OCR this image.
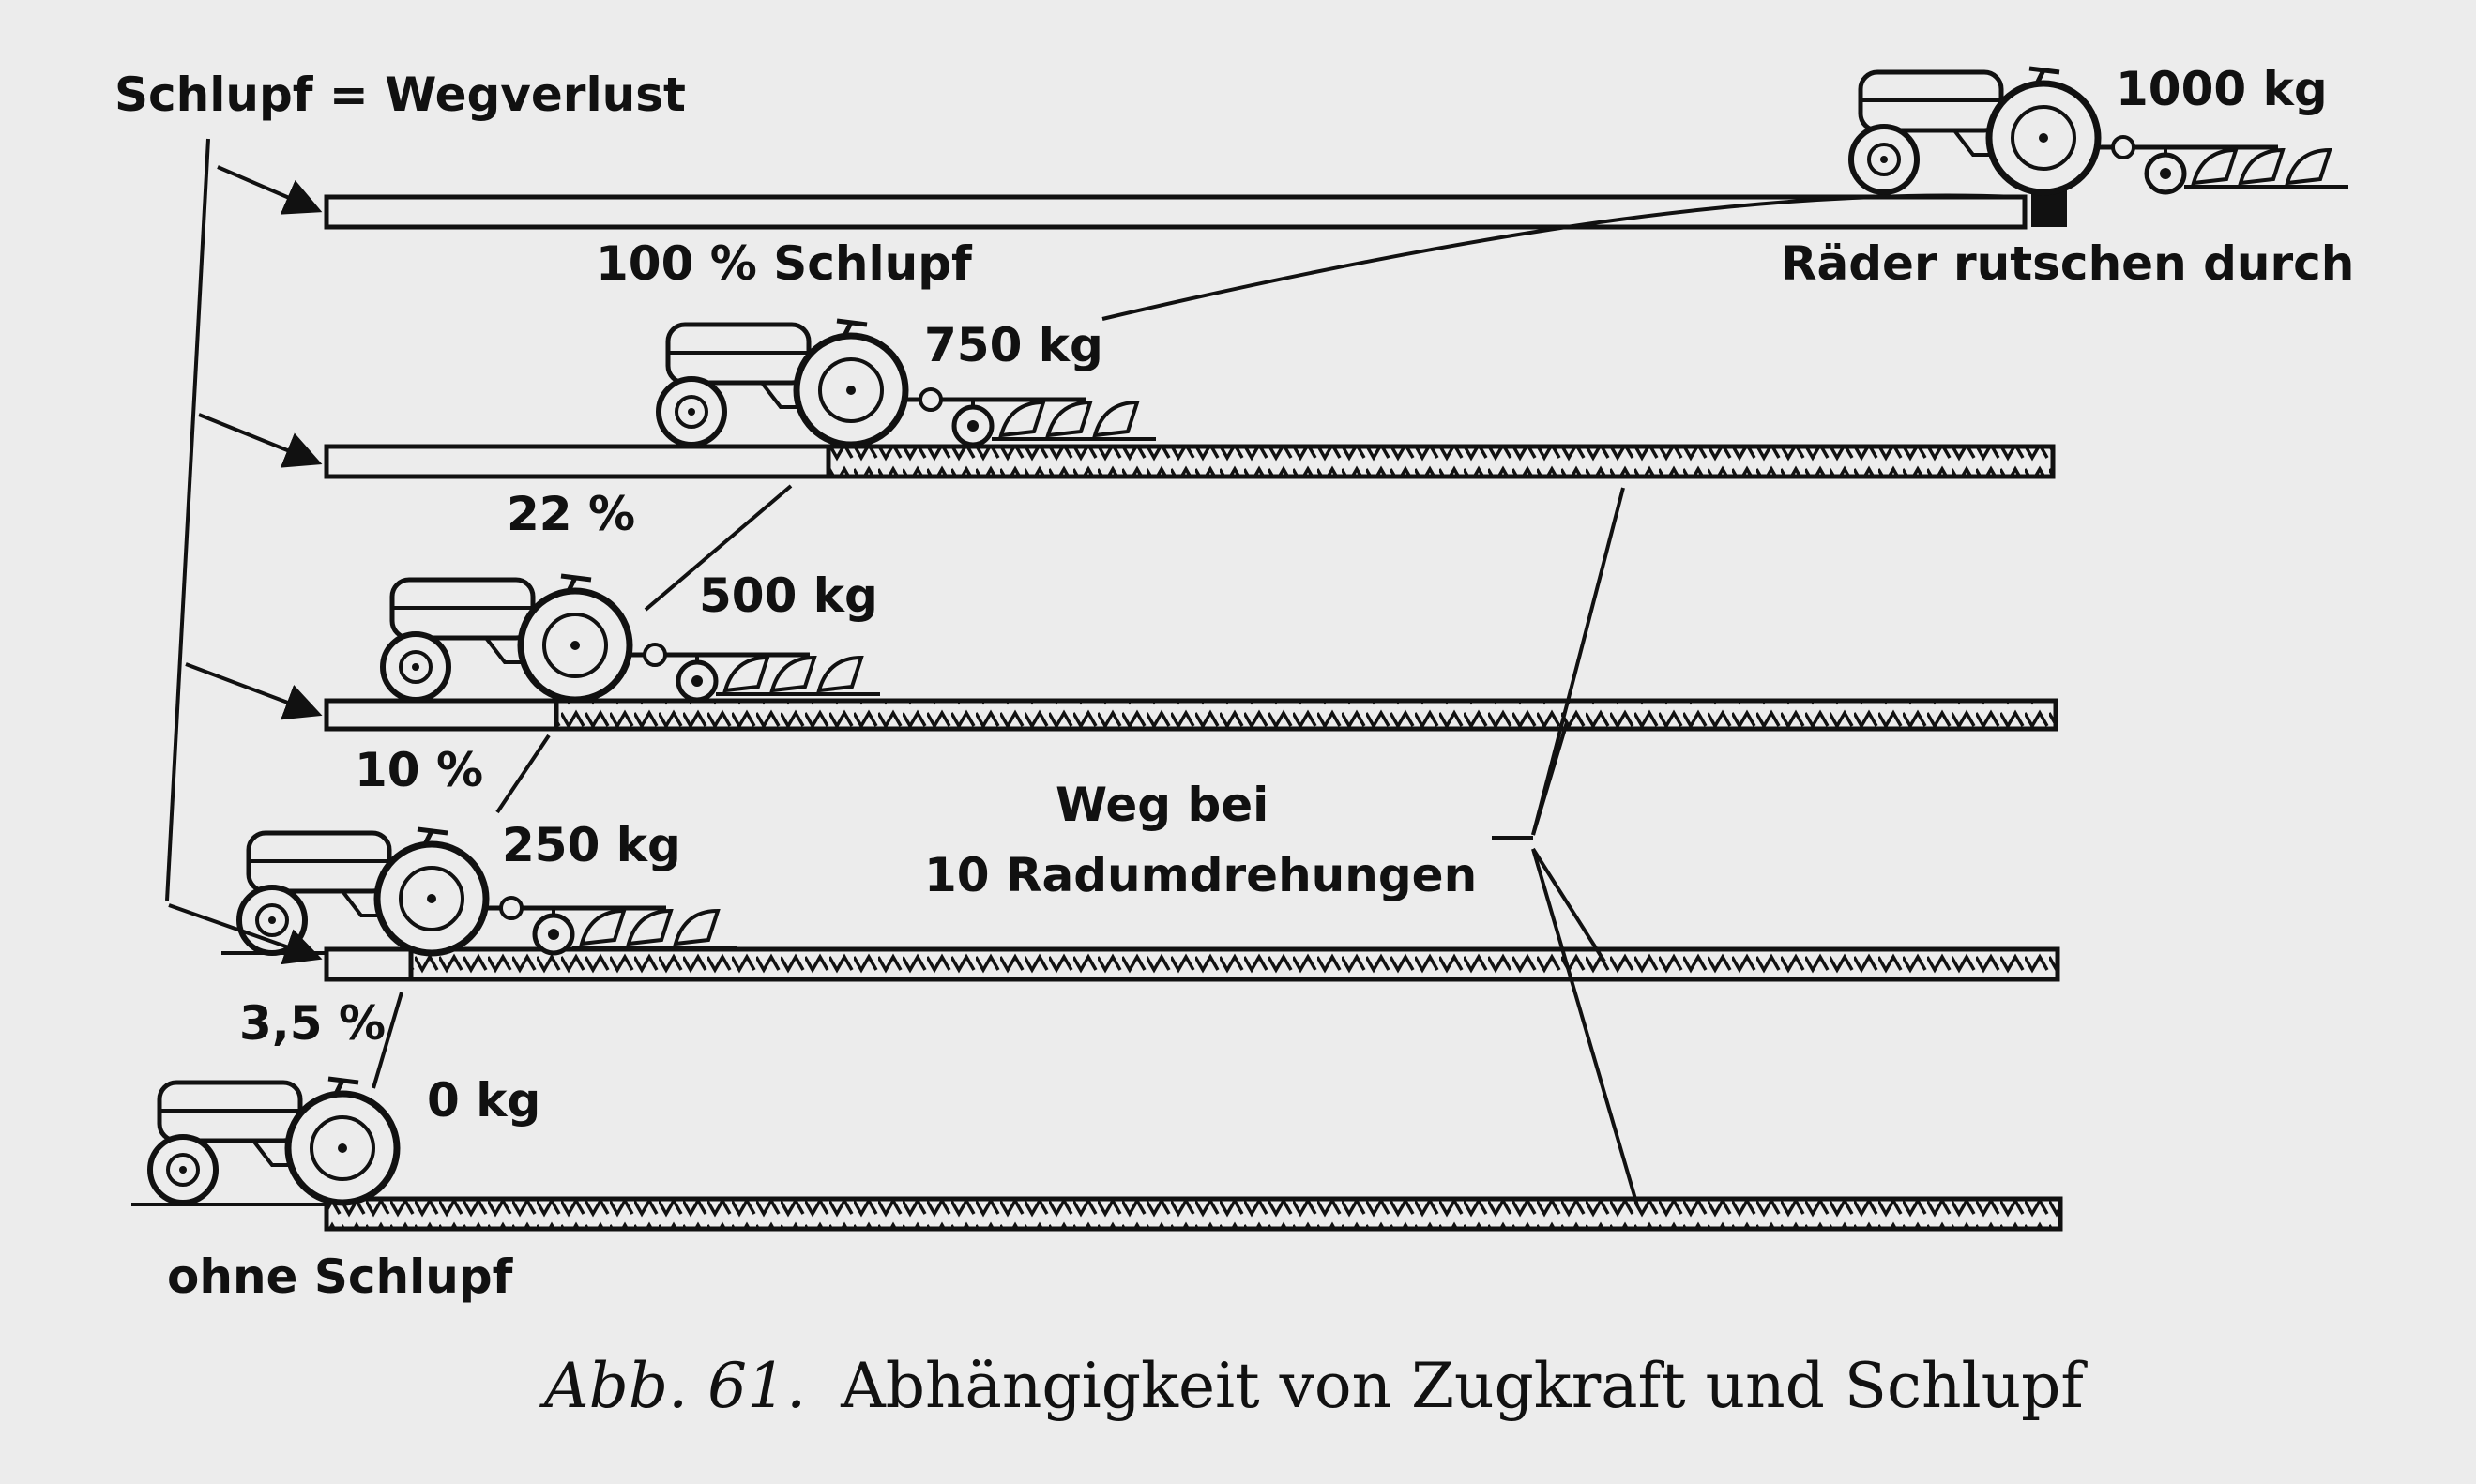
Schlupf = Wegverlust	1000 kg
100 % Schlupf	Räder rutschen durch
750 kg
22 %
500 kg
10 %
250 kg
Weg bei
10 Radumdrehungen
3,5 %
0 kg
ohne Schlupf
Abb. 61. Abhängigkeit von Zugkraft und Schlupf
